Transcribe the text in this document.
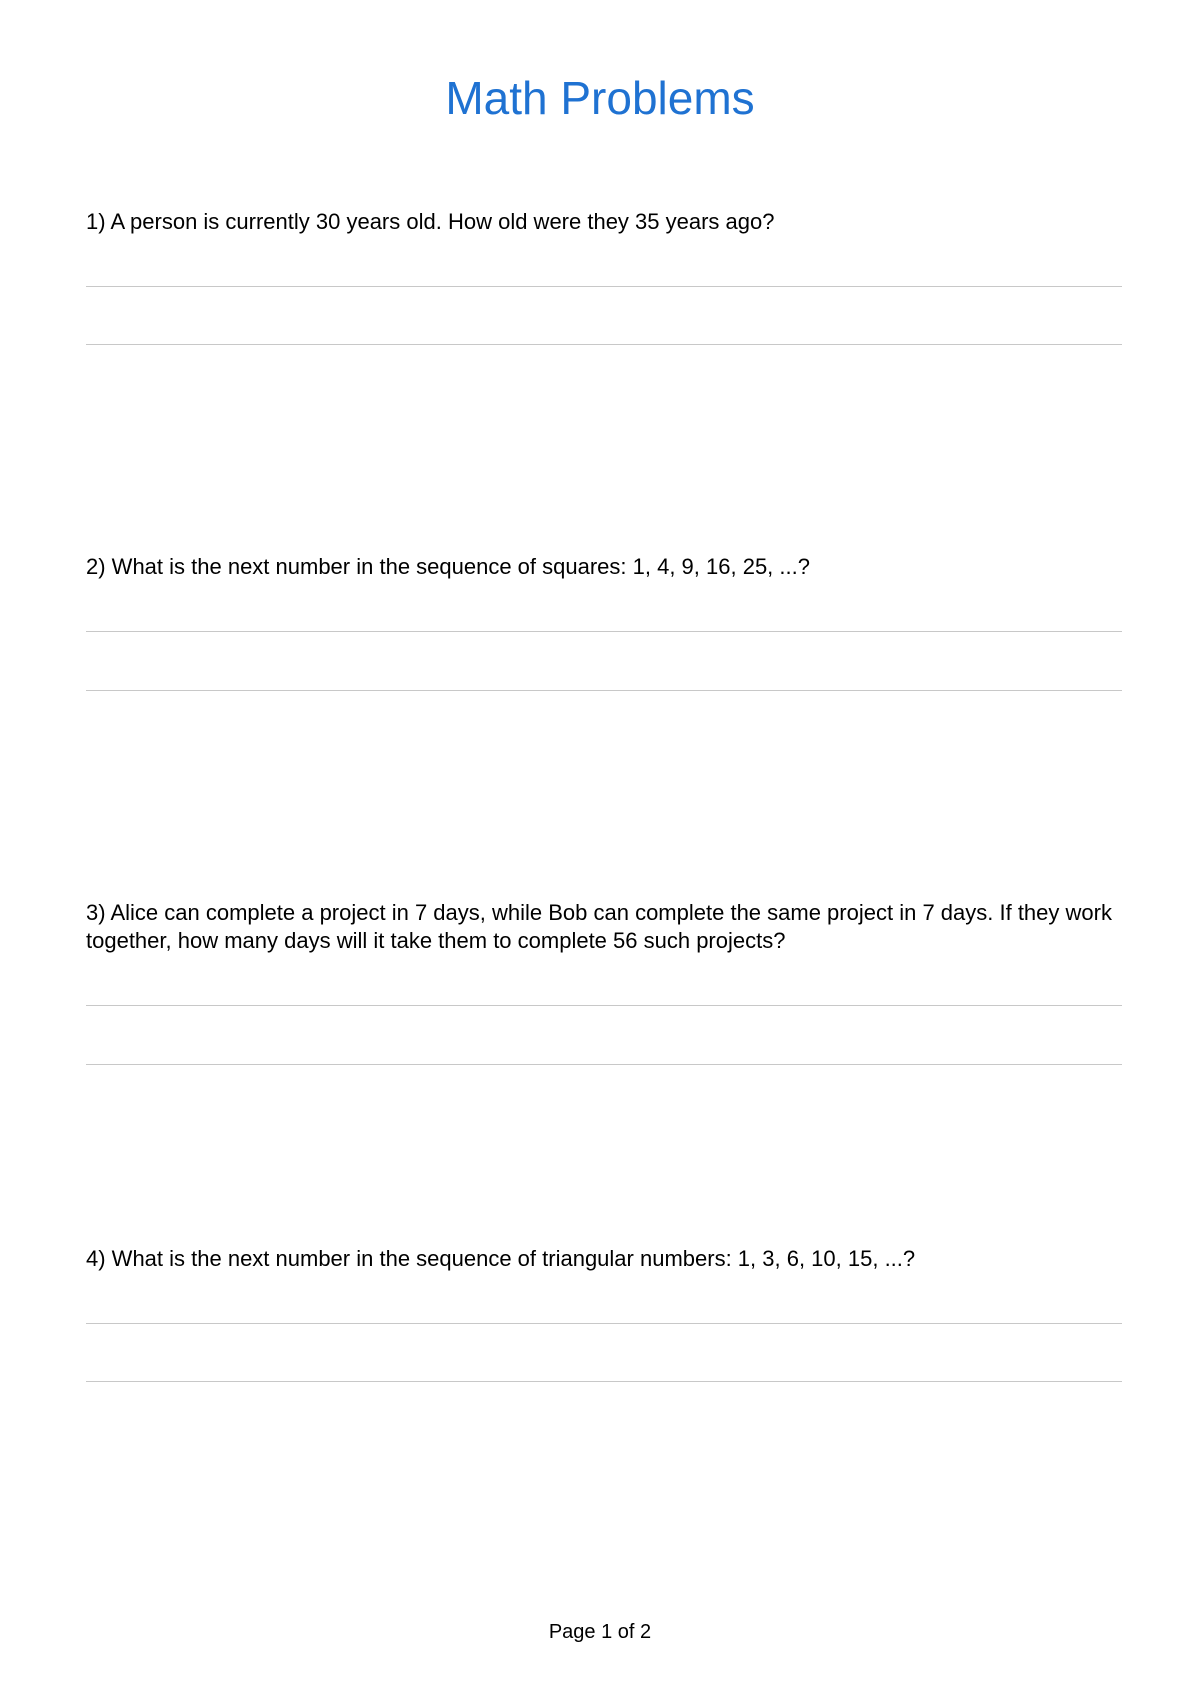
Math Problems

1) A person is currently 30 years old. How old were they 35 years ago?

2) What is the next number in the sequence of squares: 1, 4, 9, 16, 25, ...?

3) Alice can complete a project in 7 days, while Bob can complete the same project in 7 days. If they work together, how many days will it take them to complete 56 such projects?

4) What is the next number in the sequence of triangular numbers: 1, 3, 6, 10, 15, ...?

Page 1 of 2
